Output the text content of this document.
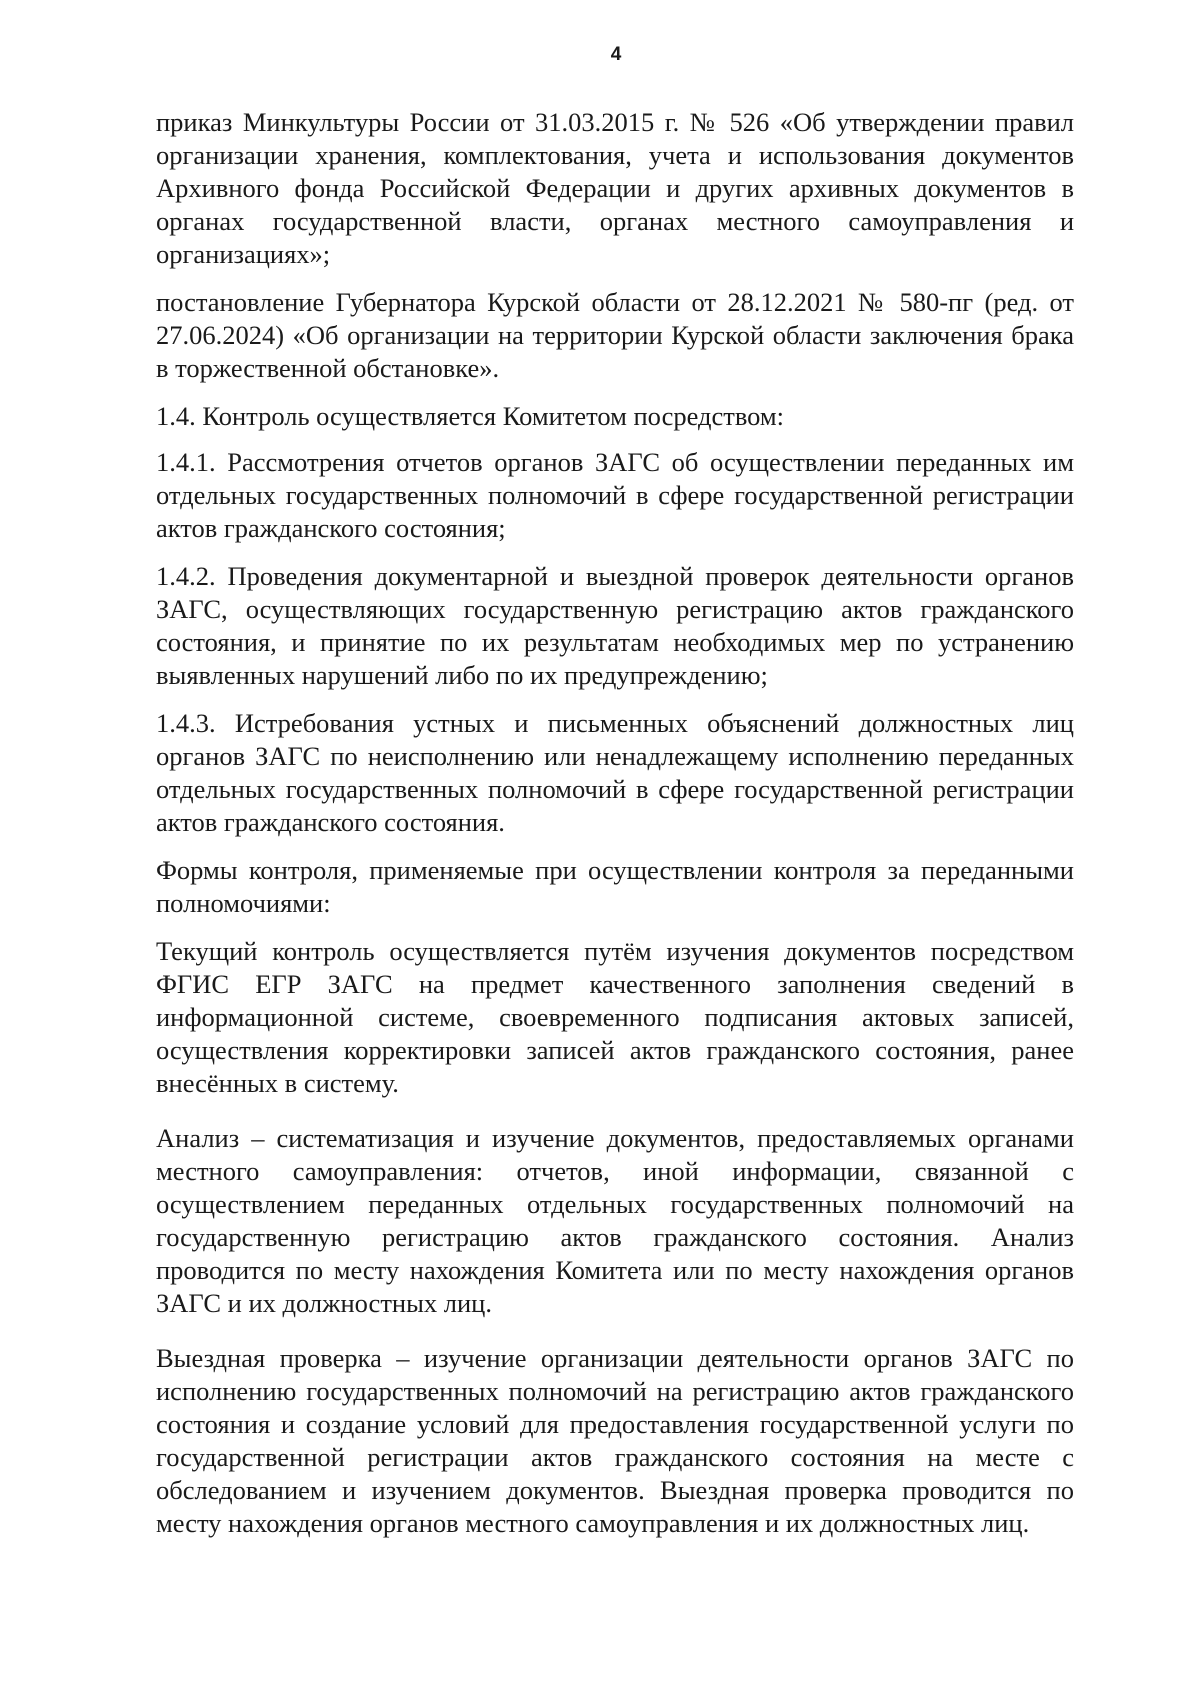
4

приказ Минкультуры России от 31.03.2015 г. № 526 «Об утверждении правил организации хранения, комплектования, учета и использования документов Архивного фонда Российской Федерации и других архивных документов в органах государственной власти, органах местного самоуправления и организациях»;

постановление Губернатора Курской области от 28.12.2021 № 580-пг (ред. от 27.06.2024) «Об организации на территории Курской области заключения брака в торжественной обстановке».

1.4. Контроль осуществляется Комитетом посредством:

1.4.1. Рассмотрения отчетов органов ЗАГС об осуществлении переданных им отдельных государственных полномочий в сфере государственной регистрации актов гражданского состояния;

1.4.2. Проведения документарной и выездной проверок деятельности органов ЗАГС, осуществляющих государственную регистрацию актов гражданского состояния, и принятие по их результатам необходимых мер по устранению выявленных нарушений либо по их предупреждению;

1.4.3. Истребования устных и письменных объяснений должностных лиц органов ЗАГС по неисполнению или ненадлежащему исполнению переданных отдельных государственных полномочий в сфере государственной регистрации актов гражданского состояния.

Формы контроля, применяемые при осуществлении контроля за переданными полномочиями:

Текущий контроль осуществляется путём изучения документов посредством ФГИС ЕГР ЗАГС на предмет качественного заполнения сведений в информационной системе, своевременного подписания актовых записей, осуществления корректировки записей актов гражданского состояния, ранее внесённых в систему.

Анализ – систематизация и изучение документов, предоставляемых органами местного самоуправления: отчетов, иной информации, связанной с осуществлением переданных отдельных государственных полномочий на государственную регистрацию актов гражданского состояния. Анализ проводится по месту нахождения Комитета или по месту нахождения органов ЗАГС и их должностных лиц.

Выездная проверка – изучение организации деятельности органов ЗАГС по исполнению государственных полномочий на регистрацию актов гражданского состояния и создание условий для предоставления государственной услуги по государственной регистрации актов гражданского состояния на месте с обследованием и изучением документов. Выездная проверка проводится по месту нахождения органов местного самоуправления и их должностных лиц.
